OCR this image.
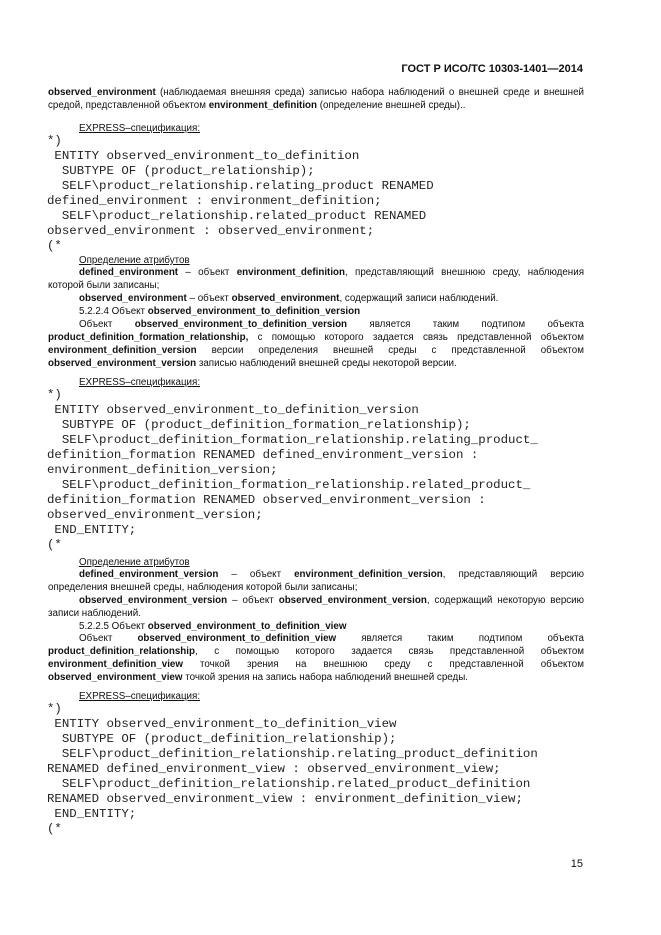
ГОСТ Р ИСО/ТС 10303-1401—2014
observed_environment (наблюдаемая внешняя среда) записью набора наблюдений о внешней среде и внешней средой, представленной объектом environment_definition (определение внешней среды)..
EXPRESS–спецификация:
*)
ENTITY observed_environment_to_definition
SUBTYPE OF (product_relationship);
SELF\product_relationship.relating_product RENAMED
defined_environment : environment_definition;
SELF\product_relationship.related_product RENAMED
observed_environment : observed_environment;
(*
Определение атрибутов
defined_environment – объект environment_definition, представляющий внешнюю среду, наблюдения которой были записаны;
observed_environment – объект observed_environment, содержащий записи наблюдений.
5.2.2.4 Объект observed_environment_to_definition_version
Объект observed_environment_to_definition_version является таким подтипом объекта product_definition_formation_relationship, с помощью которого задается связь представленной объектом environment_definition_version версии определения внешней среды с представленной объектом observed_environment_version записью наблюдений внешней среды некоторой версии.
EXPRESS–спецификация:
*)
ENTITY observed_environment_to_definition_version
SUBTYPE OF (product_definition_formation_relationship);
SELF\product_definition_formation_relationship.relating_product_
definition_formation RENAMED defined_environment_version :
environment_definition_version;
SELF\product_definition_formation_relationship.related_product_
definition_formation RENAMED observed_environment_version :
observed_environment_version;
END_ENTITY;
(*
Определение атрибутов
defined_environment_version – объект environment_definition_version, представляющий версию определения внешней среды, наблюдения которой были записаны;
observed_environment_version – объект observed_environment_version, содержащий некоторую версию записи наблюдений.
5.2.2.5 Объект observed_environment_to_definition_view
Объект observed_environment_to_definition_view является таким подтипом объекта product_definition_relationship, с помощью которого задается связь представленной объектом environment_definition_view точкой зрения на внешнюю среду с представленной объектом observed_environment_view точкой зрения на запись набора наблюдений внешней среды.
EXPRESS–спецификация:
*)
ENTITY observed_environment_to_definition_view
SUBTYPE OF (product_definition_relationship);
SELF\product_definition_relationship.relating_product_definition
RENAMED defined_environment_view : observed_environment_view;
SELF\product_definition_relationship.related_product_definition
RENAMED observed_environment_view : environment_definition_view;
END_ENTITY;
(*
15
